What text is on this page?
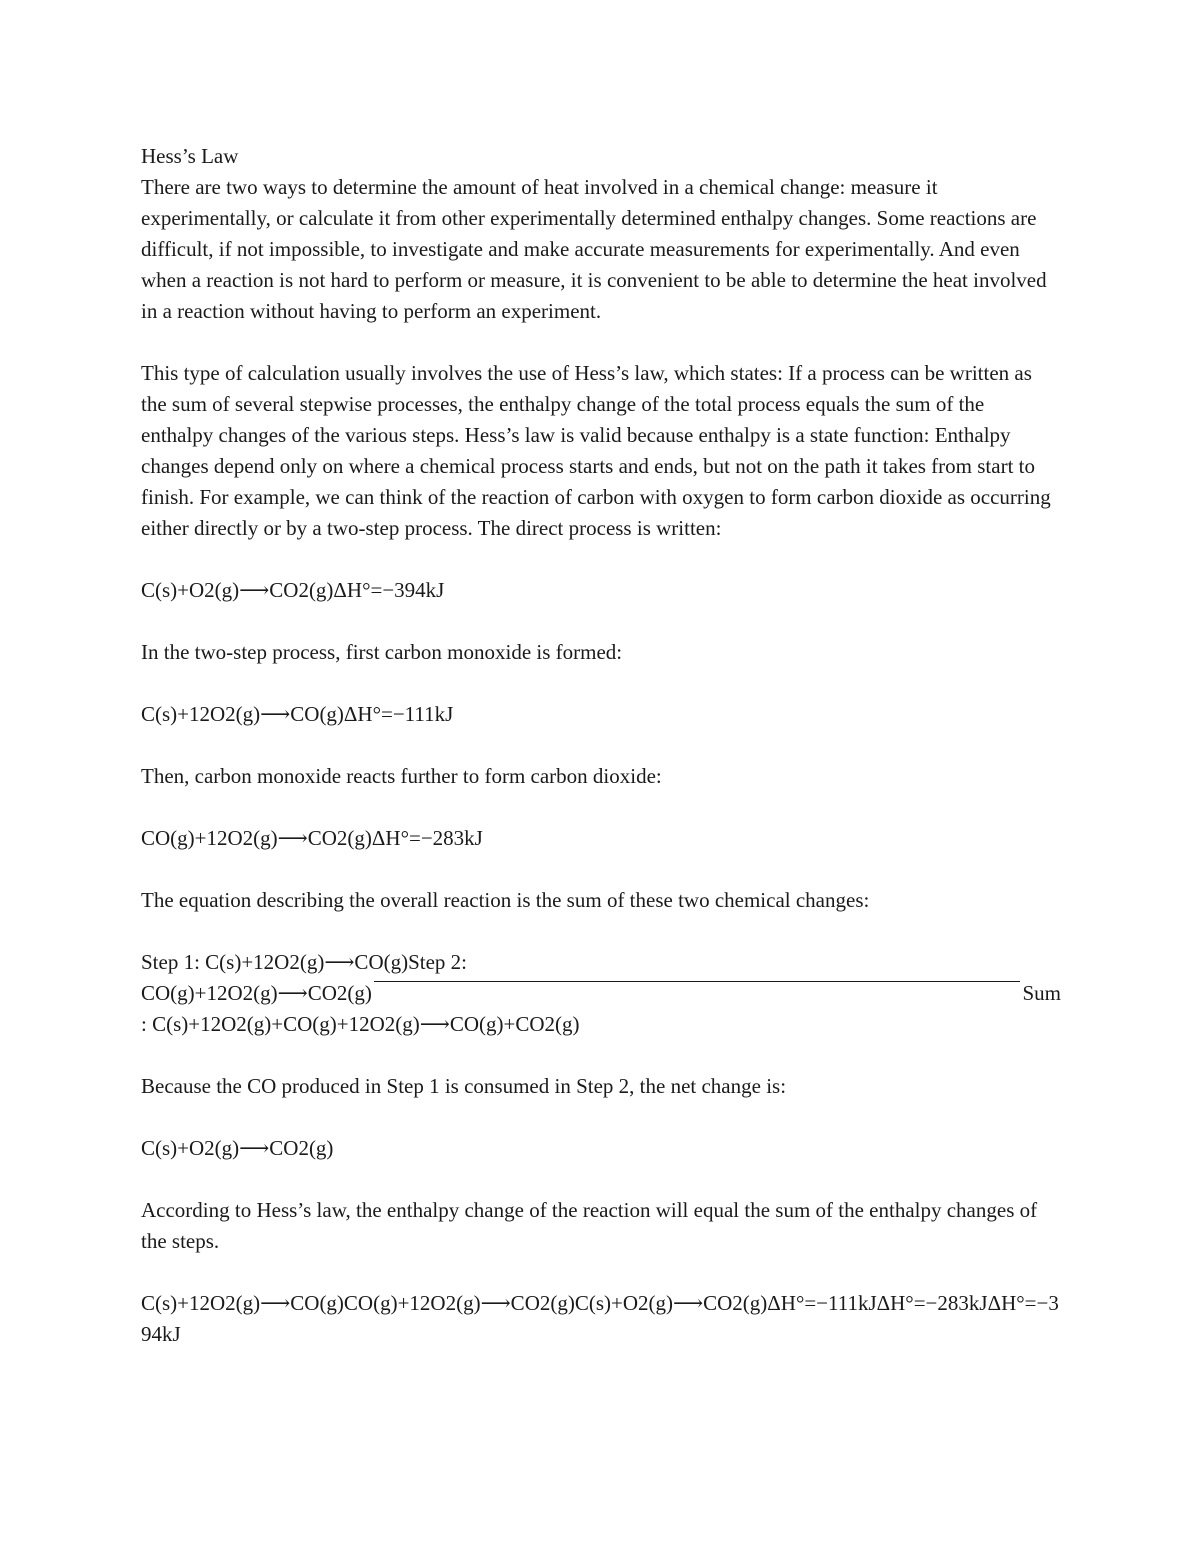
Hess’s Law

There are two ways to determine the amount of heat involved in a chemical change: measure it experimentally, or calculate it from other experimentally determined enthalpy changes. Some reactions are difficult, if not impossible, to investigate and make accurate measurements for experimentally. And even when a reaction is not hard to perform or measure, it is convenient to be able to determine the heat involved in a reaction without having to perform an experiment.

This type of calculation usually involves the use of Hess’s law, which states: If a process can be written as the sum of several stepwise processes, the enthalpy change of the total process equals the sum of the enthalpy changes of the various steps. Hess’s law is valid because enthalpy is a state function: Enthalpy changes depend only on where a chemical process starts and ends, but not on the path it takes from start to finish. For example, we can think of the reaction of carbon with oxygen to form carbon dioxide as occurring either directly or by a two-step process. The direct process is written:

C(s)+O2(g)⟶CO2(g)ΔH°=−394kJ

In the two-step process, first carbon monoxide is formed:

C(s)+12O2(g)⟶CO(g)ΔH°=−111kJ

Then, carbon monoxide reacts further to form carbon dioxide:

CO(g)+12O2(g)⟶CO2(g)ΔH°=−283kJ

The equation describing the overall reaction is the sum of these two chemical changes:

Step 1: C(s)+12O2(g)⟶CO(g)Step 2:
CO(g)+12O2(g)⟶CO2(g)	Sum
: C(s)+12O2(g)+CO(g)+12O2(g)⟶CO(g)+CO2(g)

Because the CO produced in Step 1 is consumed in Step 2, the net change is:

C(s)+O2(g)⟶CO2(g)

According to Hess’s law, the enthalpy change of the reaction will equal the sum of the enthalpy changes of the steps.

C(s)+12O2(g)⟶CO(g)CO(g)+12O2(g)⟶CO2(g)C(s)+O2(g)⟶CO2(g)ΔH°=−111kJΔH°=−283kJΔH°=−394kJ
